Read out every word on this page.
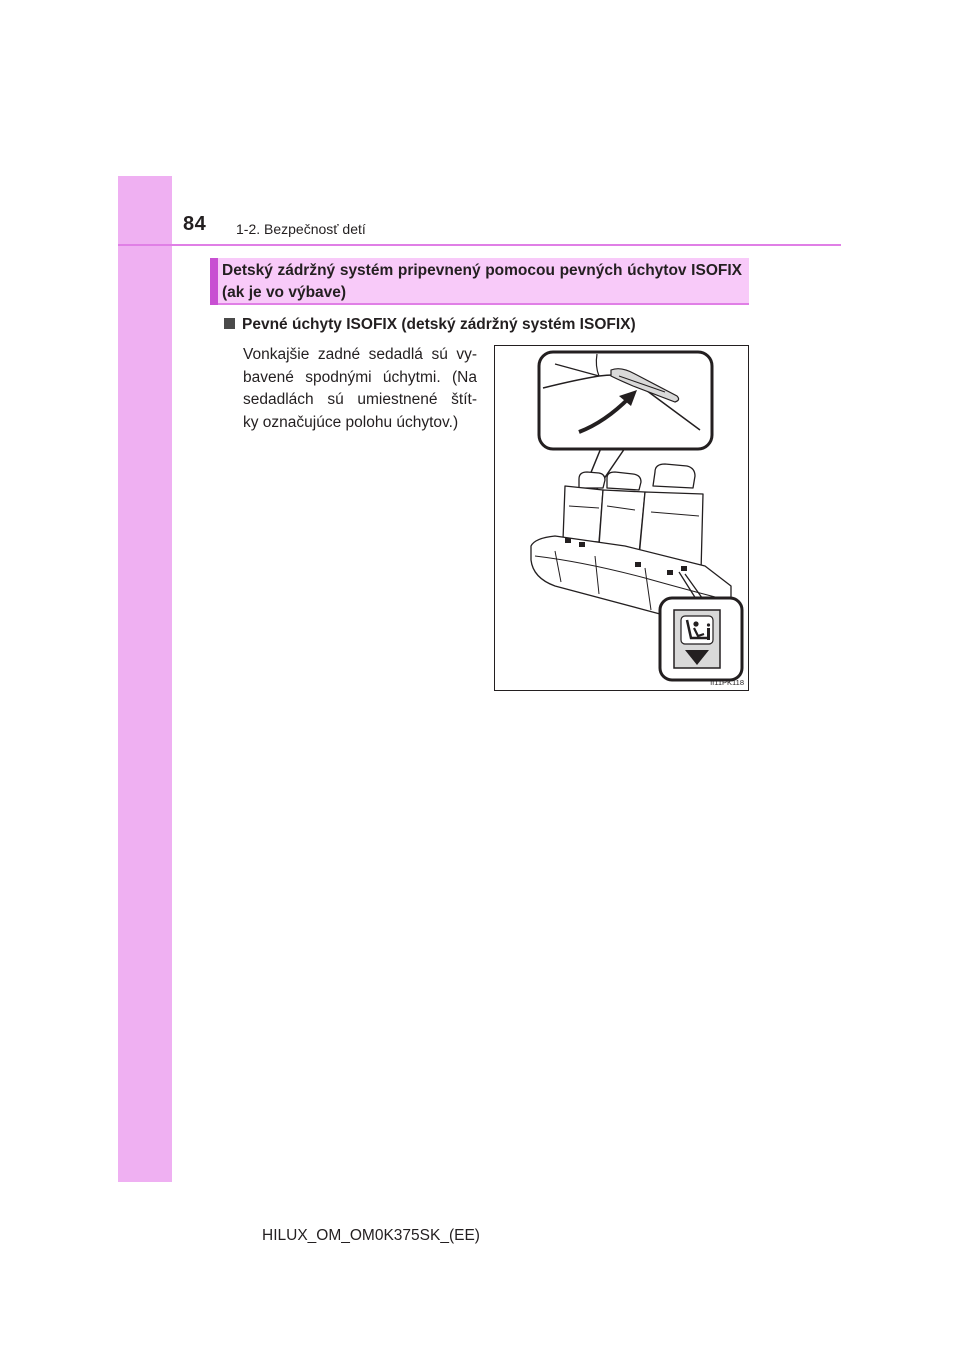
84 1-2. Bezpečnosť detí
Detský zádržný systém pripevnený pomocou pevných úchytov ISOFIX (ak je vo výbave)
Pevné úchyty ISOFIX (detský zádržný systém ISOFIX)
Vonkajšie zadné sedadlá sú vy-
bavené spodnými úchytmi. (Na
sedadlách sú umiestnené štít-
ky označujúce polohu úchytov.)
II11PK118
HILUX_OM_OM0K375SK_(EE)
